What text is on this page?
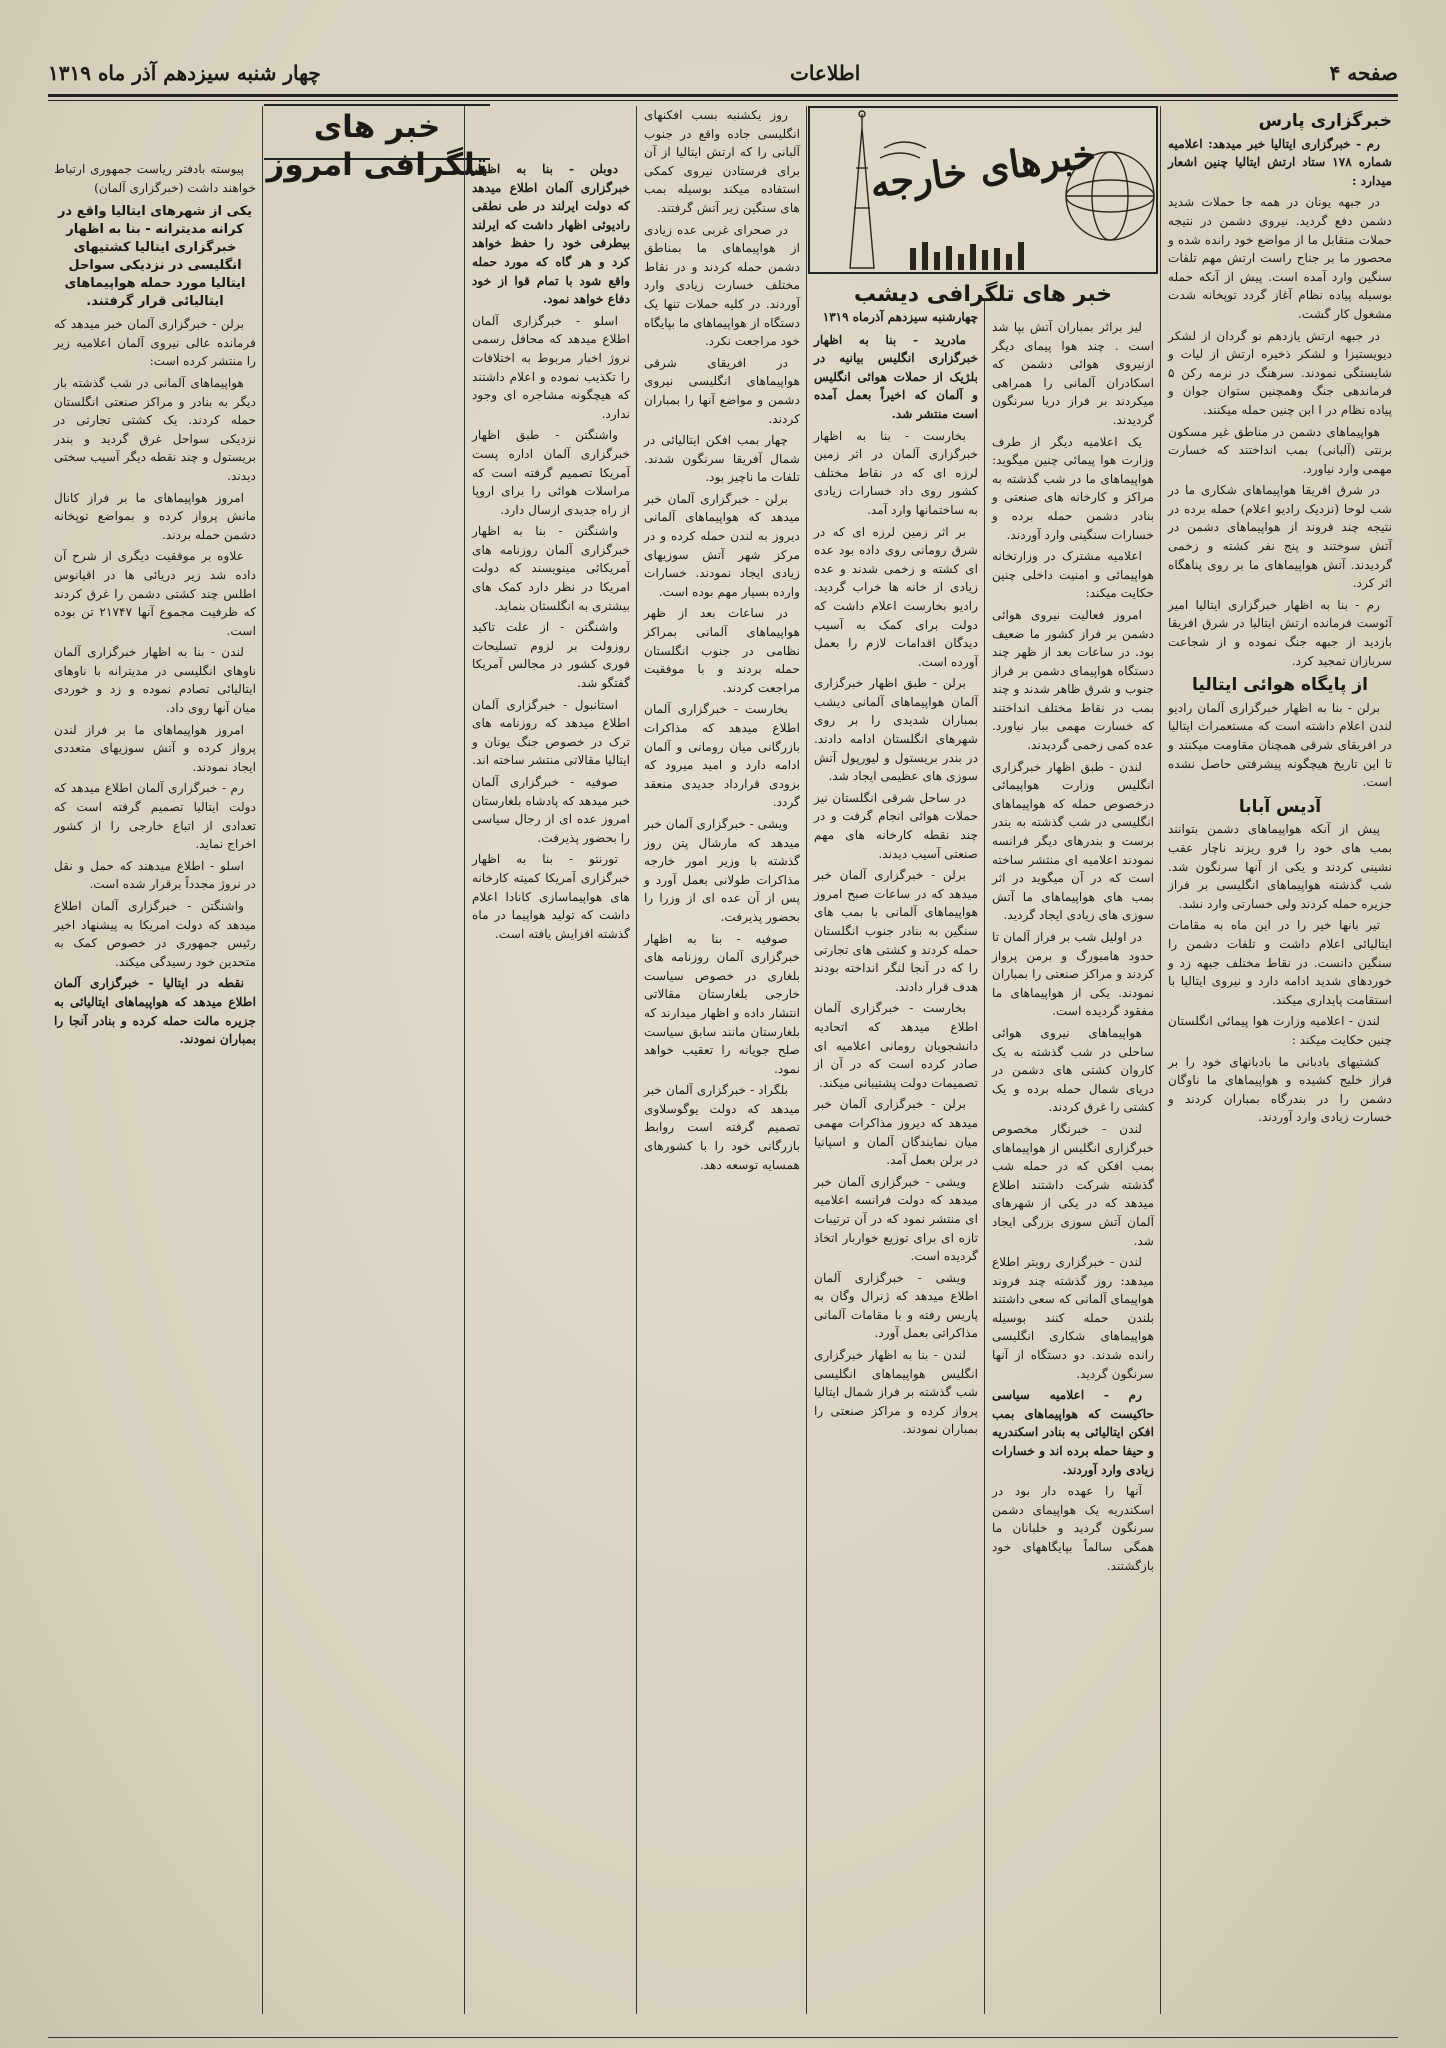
صفحه ۴
اطلاعات
چهار شنبه سیزدهم آذر ماه ۱۳۱۹
خبرهای خارجه
خبر های تلگرافی دیشب
خبر های تلگرافی امروز
خبرگزاری پارس

رم - خبرگزاری ایتالیا خبر میدهد: اعلامیه شماره ۱۷۸ ستاد ارتش ایتالیا چنین اشعار میدارد :

در جبهه یونان در همه جا حملات شدید دشمن دفع گردید. نیروی دشمن در نتیجه حملات متقابل ما از مواضع خود رانده شده و محصور ما بر جناح راست ارتش مهم تلفات سنگین وارد آمده است. پیش از آنکه حمله بوسیله پیاده نظام آغاز گردد توپخانه شدت مشغول کار گشت.

در جبهه ارتش یازدهم نو گردان از لشکر دیویستیزا و لشکر ذخیره ارتش از لیات و شایستگی نمودند. سرهنگ در نرمه رکن ۵ فرماندهی جنگ وهمچنین ستوان جوان و پیاده نظام در ا ابن چنین حمله میکنند.

هواپیماهای دشمن در مناطق غیر مسکون برنتی (آلبانی) بمب انداختند که خسارت مهمی وارد نیاورد.

در شرق افریقا هواپیماهای شکاری ما در شب لوحا (نزدیک رادیو اعلام) حمله برده در نتیجه چند فروند از هواپیماهای دشمن در آتش سوختند و پنج نفر کشته و زخمی گردیدند. آتش هواپیماهای ما بر روی پناهگاه اثر کرد.

رم - بنا به اظهار خبرگزاری ایتالیا امیر آئوست فرمانده ارتش ایتالیا در شرق افریقا بازدید از جبهه جنگ نموده و از شجاعت سربازان تمجید کرد.

از پایگاه هوائی ایتالیا

برلن - بنا به اظهار خبرگزاری آلمان رادیو لندن اعلام داشته است که مستعمرات ایتالیا در افریقای شرقی همچنان مقاومت میکنند و تا این تاریخ هیچگونه پیشرفتی حاصل نشده است.

آدیس آبابا

پیش از آنکه هواپیماهای دشمن بتوانند بمب های خود را فرو ریزند ناچار عقب نشینی کردند و یکی از آنها سرنگون شد. شب گذشته هواپیماهای انگلیسی بر فراز جزیره حمله کردند ولی خسارتی وارد نشد.

تیر بانها خیر را در این ماه به مقامات ایتالیائی اعلام داشت و تلفات دشمن را سنگین دانست. در نقاط مختلف جبهه زد و خوردهای شدید ادامه دارد و نیروی ایتالیا با استقامت پایداری میکند.

لندن - اعلامیه وزارت هوا پیمائی انگلستان چنین حکایت میکند :

کشتیهای بادبانی ما بادبانهای خود را بر فراز خلیج کشیده و هواپیماهای ما ناوگان دشمن را در بندرگاه بمباران کردند و خسارت زیادی وارد آوردند.

لیز براثر بمباران آتش بپا شد است . چند هوا پیمای دیگر ازنیروی هوائی دشمن که اسکادران آلمانی را همراهی میکردند بر فراز دریا سرنگون گردیدند.

یک اعلامیه دیگر از طرف وزارت هوا پیمائی چنین میگوید: هواپیماهای ما در شب گذشته به مراکز و کارخانه های صنعتی و بنادر دشمن حمله برده و خسارات سنگینی وارد آوردند.

اعلامیه مشترک در وزارتخانه هواپیمائی و امنیت داخلی چنین حکایت میکند:

امروز فعالیت نیروی هوائی دشمن بر فراز کشور ما ضعیف بود. در ساعات بعد از ظهر چند دستگاه هواپیمای دشمن بر فراز جنوب و شرق ظاهر شدند و چند بمب در نقاط مختلف انداختند که خسارت مهمی ببار نیاورد. عده کمی زخمی گردیدند.

لندن - طبق اظهار خبرگزاری انگلیس وزارت هواپیمائی درخصوص حمله که هواپیماهای انگلیسی در شب گذشته به بندر برست و بندرهای دیگر فرانسه نمودند اعلامیه ای منتشر ساخته است که در آن میگوید در اثر بمب های هواپیماهای ما آتش سوزی های زیادی ایجاد گردید.

در اولیل شب بر فراز آلمان تا حدود هامبورگ و برمن پرواز کردند و مراکز صنعتی را بمباران نمودند. یکی از هواپیماهای ما مفقود گردیده است.

هواپیماهای نیروی هوائی ساحلی در شب گذشته به یک کاروان کشتی های دشمن در دریای شمال حمله برده و یک کشتی را غرق کردند.

لندن - خبرنگار مخصوص خبرگزاری انگلیس از هواپیماهای بمب افکن که در حمله شب گذشته شرکت داشتند اطلاع میدهد که در یکی از شهرهای آلمان آتش سوزی بزرگی ایجاد شد.

لندن - خبرگزاری رویتر اطلاع میدهد: روز گذشته چند فروند هواپیمای آلمانی که سعی داشتند بلندن حمله کنند بوسیله هواپیماهای شکاری انگلیسی رانده شدند. دو دستگاه از آنها سرنگون گردید.

رم - اعلامیه سیاسی حاکیست که هواپیماهای بمب افکن ایتالیائی به بنادر اسکندریه و حیفا حمله برده اند و خسارات زیادی وارد آوردند.

آنها را عهده دار بود در اسکندریه یک هواپیمای دشمن سرنگون گردید و خلبانان ما همگی سالماً بپایگاههای خود بازگشتند.

چهارشنبه سیزدهم آذرماه ۱۳۱۹

مادرید - بنا به اظهار خبرگزاری انگلیس بیانیه در بلژیک از حملات هوائی انگلیس و آلمان که اخیراً بعمل آمده است منتشر شد.

بخارست - بنا به اظهار خبرگزاری آلمان در اثر زمین لرزه ای که در نقاط مختلف کشور روی داد خسارات زیادی به ساختمانها وارد آمد.

بر اثر زمین لرزه ای که در شرق رومانی روی داده بود عده ای کشته و زخمی شدند و عده زیادی از خانه ها خراب گردید. رادیو بخارست اعلام داشت که دولت برای کمک به آسیب دیدگان اقدامات لازم را بعمل آورده است.

برلن - طبق اظهار خبرگزاری آلمان هواپیماهای آلمانی دیشب بمباران شدیدی را بر روی شهرهای انگلستان ادامه دادند. در بندر بریستول و لیورپول آتش سوزی های عظیمی ایجاد شد.

در ساحل شرقی انگلستان نیز حملات هوائی انجام گرفت و در چند نقطه کارخانه های مهم صنعتی آسیب دیدند.

برلن - خبرگزاری آلمان خبر میدهد که در ساعات صبح امروز هواپیماهای آلمانی با بمب های سنگین به بنادر جنوب انگلستان حمله کردند و کشتی های تجارتی را که در آنجا لنگر انداخته بودند هدف قرار دادند.

بخارست - خبرگزاری آلمان اطلاع میدهد که اتحادیه دانشجویان رومانی اعلامیه ای صادر کرده است که در آن از تصمیمات دولت پشتیبانی میکند.

برلن - خبرگزاری آلمان خبر میدهد که دیروز مذاکرات مهمی میان نمایندگان آلمان و اسپانیا در برلن بعمل آمد.

ویشی - خبرگزاری آلمان خبر میدهد که دولت فرانسه اعلامیه ای منتشر نمود که در آن ترتیبات تازه ای برای توزیع خواربار اتخاذ گردیده است.

ویشی - خبرگزاری آلمان اطلاع میدهد که ژنرال وگان به پاریس رفته و با مقامات آلمانی مذاکراتی بعمل آورد.

لندن - بنا به اظهار خبرگزاری انگلیس هواپیماهای انگلیسی شب گذشته بر فراز شمال ایتالیا پرواز کرده و مراکز صنعتی را بمباران نمودند.

روز یکشنبه بسب افکنهای انگلیسی جاده واقع در جنوب آلبانی را که ارتش ایتالیا از آن برای فرستادن نیروی کمکی استفاده میکند بوسیله بمب های سنگین زیر آتش گرفتند.

در صحرای غربی عده زیادی از هواپیماهای ما بمناطق دشمن حمله کردند و در نقاط مختلف خسارت زیادی وارد آوردند. در کلیه حملات تنها یک دستگاه از هواپیماهای ما بپایگاه خود مراجعت نکرد.

در افریقای شرقی هواپیماهای انگلیسی نیروی دشمن و مواضع آنها را بمباران کردند.

چهار بمب افکن ایتالیائی در شمال آفریقا سرنگون شدند. تلفات ما ناچیز بود.

برلن - خبرگزاری آلمان خبر میدهد که هواپیماهای آلمانی دیروز به لندن حمله کرده و در مرکز شهر آتش سوزیهای زیادی ایجاد نمودند. خسارات وارده بسیار مهم بوده است.

در ساعات بعد از ظهر هواپیماهای آلمانی بمراکز نظامی در جنوب انگلستان حمله بردند و با موفقیت مراجعت کردند.

بخارست - خبرگزاری آلمان اطلاع میدهد که مذاکرات بازرگانی میان رومانی و آلمان ادامه دارد و امید میرود که بزودی قرارداد جدیدی منعقد گردد.

ویشی - خبرگزاری آلمان خبر میدهد که مارشال پتن روز گذشته با وزیر امور خارجه مذاکرات طولانی بعمل آورد و پس از آن عده ای از وزرا را بحضور پذیرفت.

صوفیه - بنا به اظهار خبرگزاری آلمان روزنامه های بلغاری در خصوص سیاست خارجی بلغارستان مقالاتی انتشار داده و اظهار میدارند که بلغارستان مانند سابق سیاست صلح جویانه را تعقیب خواهد نمود.

بلگراد - خبرگزاری آلمان خبر میدهد که دولت یوگوسلاوی تصمیم گرفته است روابط بازرگانی خود را با کشورهای همسایه توسعه دهد.

دوبلن - بنا به اظهار خبرگزاری آلمان اطلاع میدهد که دولت ایرلند در طی نطقی رادیوئی اظهار داشت که ایرلند بیطرفی خود را حفظ خواهد کرد و هر گاه که مورد حمله واقع شود با تمام قوا از خود دفاع خواهد نمود.

اسلو - خبرگزاری آلمان اطلاع میدهد که محافل رسمی نروژ اخبار مربوط به اختلافات را تکذیب نموده و اعلام داشتند که هیچگونه مشاجره ای وجود ندارد.

واشنگتن - طبق اظهار خبرگزاری آلمان اداره پست آمریکا تصمیم گرفته است که مراسلات هوائی را برای اروپا از راه جدیدی ارسال دارد.

واشنگتن - بنا به اظهار خبرگزاری آلمان روزنامه های آمریکائی مینویسند که دولت امریکا در نظر دارد کمک های بیشتری به انگلستان بنماید.

واشنگتن - از علت تاکید روزولت بر لزوم تسلیحات فوری کشور در مجالس آمریکا گفتگو شد.

استانبول - خبرگزاری آلمان اطلاع میدهد که روزنامه های ترک در خصوص جنگ یونان و ایتالیا مقالاتی منتشر ساخته اند.

صوفیه - خبرگزاری آلمان خبر میدهد که پادشاه بلغارستان امروز عده ای از رجال سیاسی را بحضور پذیرفت.

تورنتو - بنا به اظهار خبرگزاری آمریکا کمیته کارخانه های هواپیماسازی کانادا اعلام داشت که تولید هواپیما در ماه گذشته افزایش یافته است.

پیوسته بادفتر ریاست جمهوری ارتباط خواهند داشت (خبرگزاری آلمان)

یکی از شهرهای ایتالیا واقع در کرانه مدیترانه - بنا به اظهار خبرگزاری ایتالیا کشتیهای انگلیسی در نزدیکی سواحل ایتالیا مورد حمله هواپیماهای ایتالیائی قرار گرفتند.

برلن - خبرگزاری آلمان خبر میدهد که فرمانده عالی نیروی آلمان اعلامیه زیر را منتشر کرده است:

هواپیماهای آلمانی در شب گذشته بار دیگر به بنادر و مراکز صنعتی انگلستان حمله کردند. یک کشتی تجارتی در نزدیکی سواحل غرق گردید و بندر بریستول و چند نقطه دیگر آسیب سختی دیدند.

امروز هواپیماهای ما بر فراز کانال مانش پرواز کرده و بمواضع توپخانه دشمن حمله بردند.

علاوه بر موفقیت دیگری از شرح آن داده شد زیر دریائی ها در اقیانوس اطلس چند کشتی دشمن را غرق کردند که ظرفیت مجموع آنها ۲۱۷۴۷ تن بوده است.

لندن - بنا به اظهار خبرگزاری آلمان ناوهای انگلیسی در مدیترانه با ناوهای ایتالیائی تصادم نموده و زد و خوردی میان آنها روی داد.

امروز هواپیماهای ما بر فراز لندن پرواز کرده و آتش سوزیهای متعددی ایجاد نمودند.

رم - خبرگزاری آلمان اطلاع میدهد که دولت ایتالیا تصمیم گرفته است که تعدادی از اتباع خارجی را از کشور اخراج نماید.

اسلو - اطلاع میدهند که حمل و نقل در نروژ مجدداً برقرار شده است.

واشنگتن - خبرگزاری آلمان اطلاع میدهد که دولت امریکا به پیشنهاد اخیر رئیس جمهوری در خصوص کمک به متحدین خود رسیدگی میکند.

نقطه در ایتالیا - خبرگزاری آلمان اطلاع میدهد که هواپیماهای ایتالیائی به جزیره مالت حمله کرده و بنادر آنجا را بمباران نمودند.
